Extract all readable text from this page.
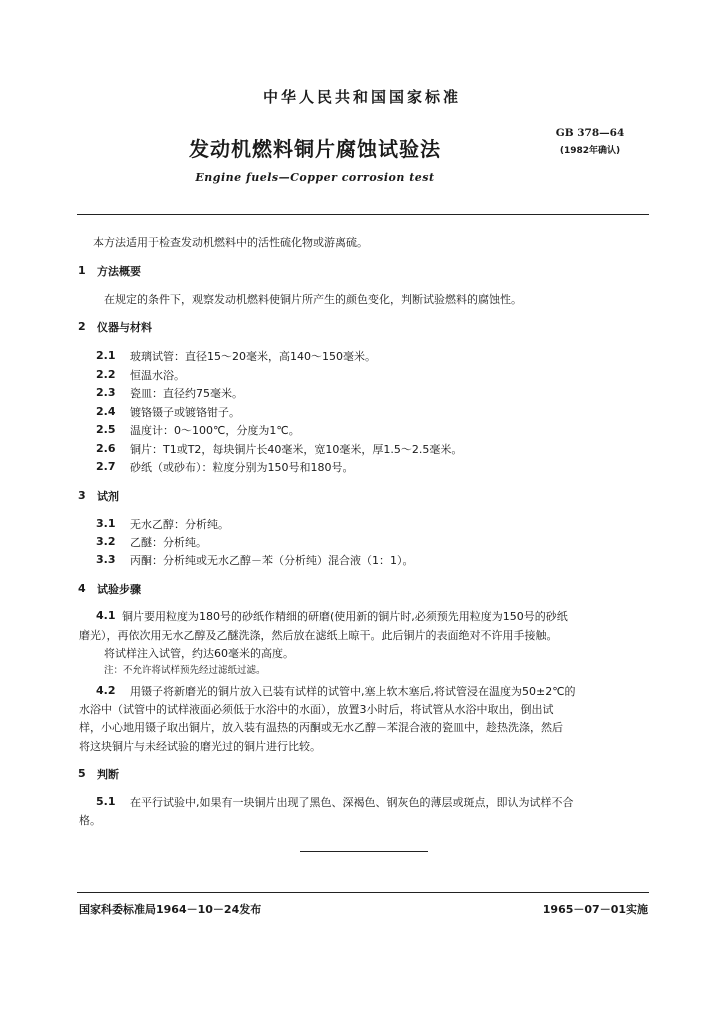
中华人民共和国国家标准
发动机燃料铜片腐蚀试验法
Engine fuels—Copper corrosion test
GB 378—64
(1982年确认)
本方法适用于检查发动机燃料中的活性硫化物或游离硫。
1 方法概要
在规定的条件下，观察发动机燃料使铜片所产生的颜色变化，判断试验燃料的腐蚀性。
2 仪器与材料
2.1 玻璃试管：直径15～20毫米，高140～150毫米。
2.2 恒温水浴。
2.3 瓷皿：直径约75毫米。
2.4 镀铬镊子或镀铬钳子。
2.5 温度计：0～100℃，分度为1℃。
2.6 铜片：T1或T2，每块铜片长40毫米，宽10毫米，厚1.5～2.5毫米。
2.7 砂纸（或砂布）：粒度分别为150号和180号。
3 试剂
3.1 无水乙醇：分析纯。
3.2 乙醚：分析纯。
3.3 丙酮：分析纯或无水乙醇－苯（分析纯）混合液（1：1）。
4 试验步骤
4.1 铜片要用粒度为180号的砂纸作精细的研磨(使用新的铜片时,必须预先用粒度为150号的砂纸
磨光），再依次用无水乙醇及乙醚洗涤，然后放在滤纸上晾干。此后铜片的表面绝对不许用手接触。
将试样注入试管，约达60毫米的高度。
注：不允许将试样预先经过滤纸过滤。
4.2 用镊子将新磨光的铜片放入已装有试样的试管中,塞上软木塞后,将试管浸在温度为50±2℃的
水浴中（试管中的试样液面必须低于水浴中的水面），放置3小时后，将试管从水浴中取出，倒出试
样，小心地用镊子取出铜片，放入装有温热的丙酮或无水乙醇－苯混合液的瓷皿中，趁热洗涤，然后
将这块铜片与未经试验的磨光过的铜片进行比较。
5 判断
5.1 在平行试验中,如果有一块铜片出现了黑色、深褐色、钢灰色的薄层或斑点，即认为试样不合
格。
国家科委标准局1964－10－24发布	1965－07－01实施
